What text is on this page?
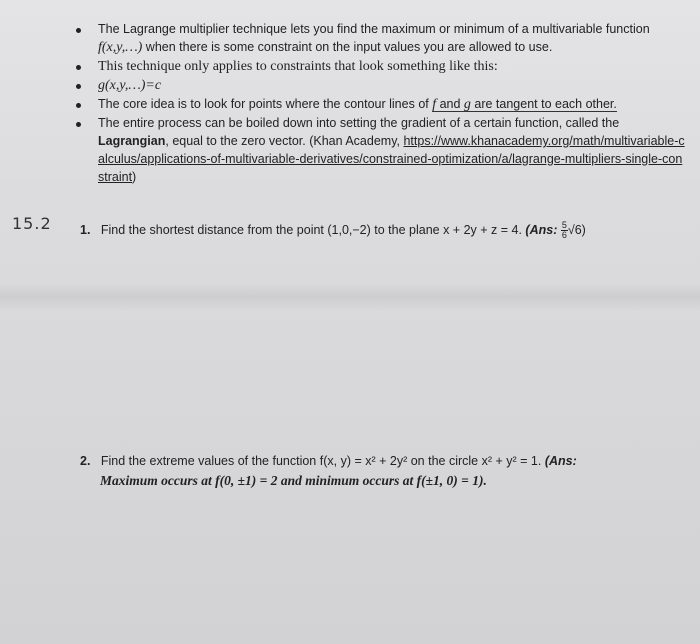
The Lagrange multiplier technique lets you find the maximum or minimum of a multivariable function f(x,y,…) when there is some constraint on the input values you are allowed to use.
This technique only applies to constraints that look something like this:
g(x,y,…)=c
The core idea is to look for points where the contour lines of f and g are tangent to each other.
The entire process can be boiled down into setting the gradient of a certain function, called the Lagrangian, equal to the zero vector. (Khan Academy, https://www.khanacademy.org/math/multivariable-calculus/applications-of-multivariable-derivatives/constrained-optimization/a/lagrange-multipliers-single-constraint)
15.2 1. Find the shortest distance from the point (1,0,−2) to the plane x + 2y + z = 4. (Ans: $\frac{5}{6} √6$)
2. Find the extreme values of the function f(x, y) = x² + 2y² on the circle x² + y² = 1. (Ans:
Maximum occurs at f(0, ±1) = 2 and minimum occurs at f(±1, 0) = 1).
